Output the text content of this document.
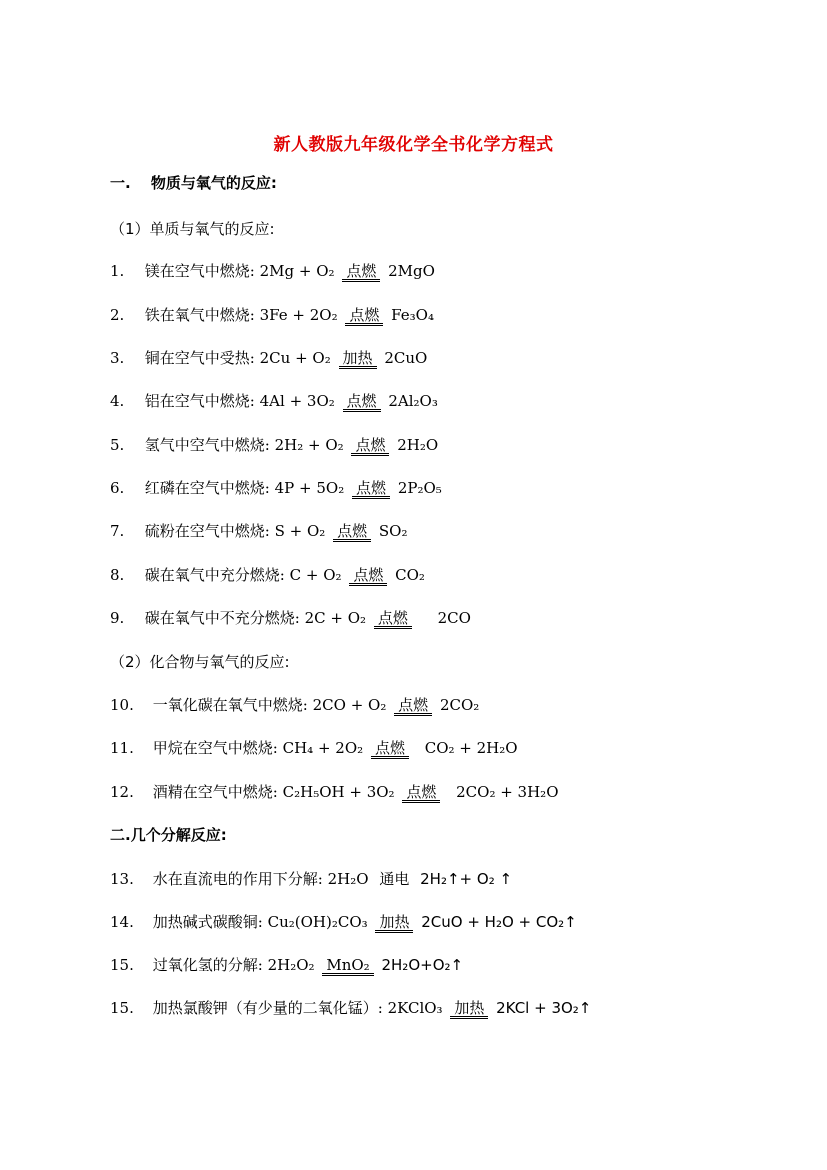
新人教版九年级化学全书化学方程式
一.　 物质与氧气的反应:
（1）单质与氧气的反应:
1. 镁在空气中燃烧: 2Mg + O₂ 点燃 2MgO
2. 铁在氧气中燃烧: 3Fe + 2O₂ 点燃 Fe₃O₄
3. 铜在空气中受热: 2Cu + O₂ 加热 2CuO
4. 铝在空气中燃烧: 4Al + 3O₂ 点燃 2Al₂O₃
5. 氢气中空气中燃烧: 2H₂ + O₂ 点燃 2H₂O
6. 红磷在空气中燃烧: 4P + 5O₂ 点燃 2P₂O₅
7. 硫粉在空气中燃烧: S + O₂ 点燃 SO₂
8. 碳在氧气中充分燃烧: C + O₂ 点燃 CO₂
9. 碳在氧气中不充分燃烧: 2C + O₂ 点燃 2CO
（2）化合物与氧气的反应:
10. 一氧化碳在氧气中燃烧: 2CO + O₂ 点燃 2CO₂
11. 甲烷在空气中燃烧: CH₄ + 2O₂ 点燃 CO₂ + 2H₂O
12. 酒精在空气中燃烧: C₂H₅OH + 3O₂ 点燃 2CO₂ + 3H₂O
二.几个分解反应:
13. 水在直流电的作用下分解: 2H₂O 通电 2H₂↑+ O₂ ↑
14. 加热碱式碳酸铜: Cu₂(OH)₂CO₃ 加热 2CuO + H₂O + CO₂↑
15. 过氧化氢的分解: 2H₂O₂ MnO₂ 2H₂O+O₂↑
15. 加热氯酸钾（有少量的二氧化锰）: 2KClO₃ 加热 2KCl + 3O₂↑
